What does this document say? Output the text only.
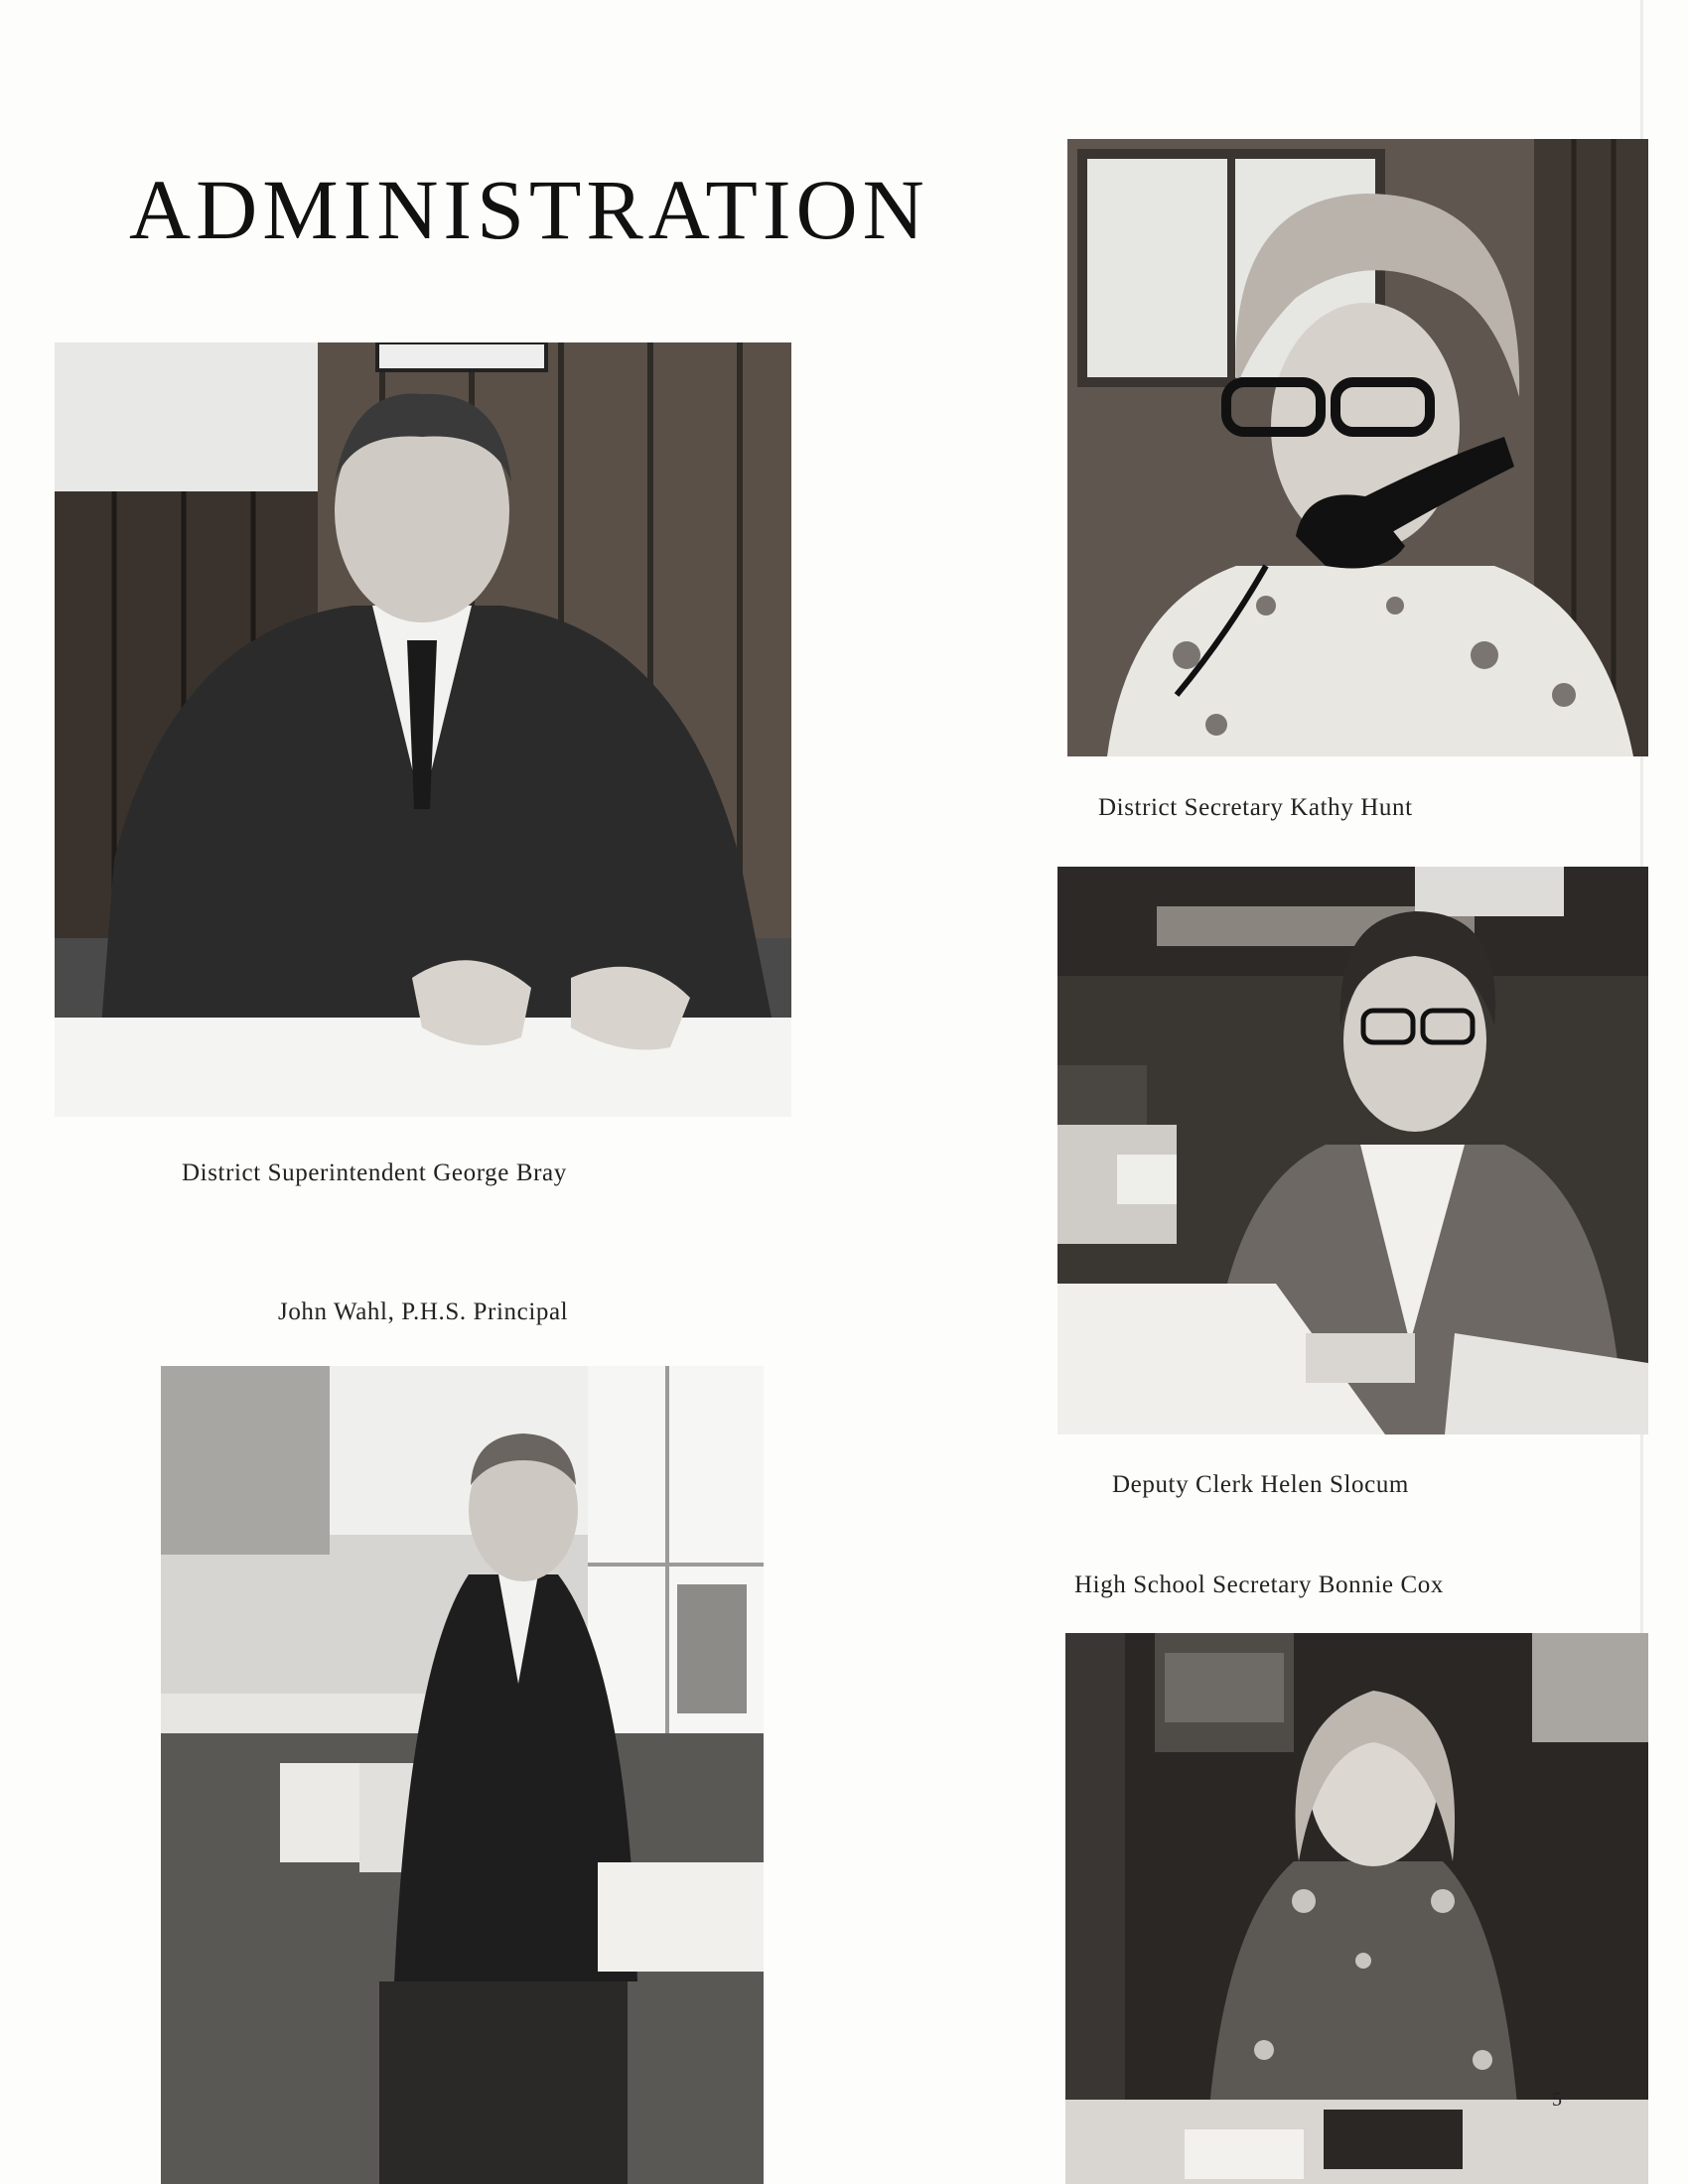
ADMINISTRATION
District Superintendent George Bray
District Secretary Kathy Hunt
Deputy Clerk Helen Slocum
John Wahl, P.H.S. Principal
High School Secretary Bonnie Cox
5
